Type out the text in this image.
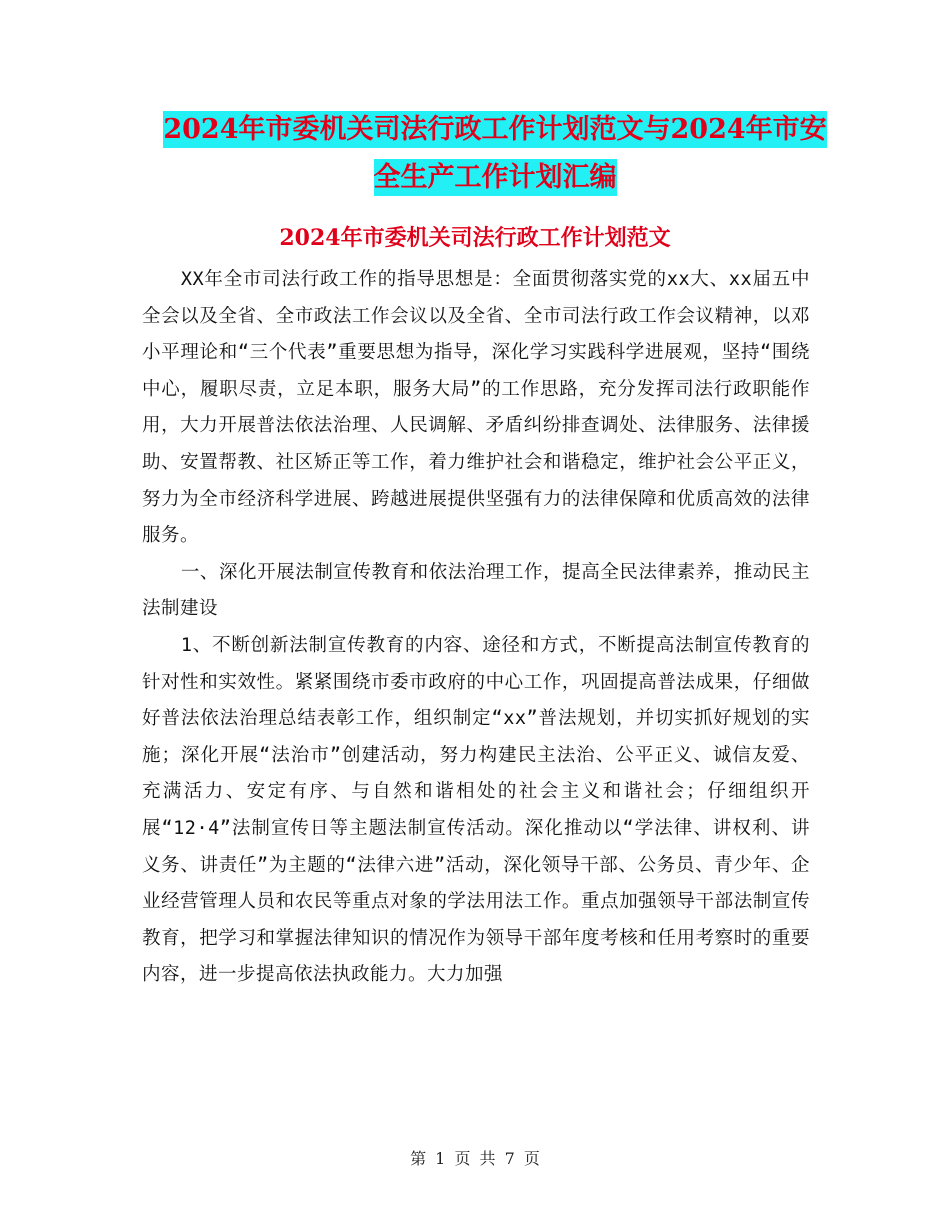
2024年市委机关司法行政工作计划范文与2024年市安全生产工作计划汇编
2024年市委机关司法行政工作计划范文

XX年全市司法行政工作的指导思想是：全面贯彻落实党的xx大、xx届五中全会以及全省、全市政法工作会议以及全省、全市司法行政工作会议精神，以邓小平理论和“三个代表”重要思想为指导，深化学习实践科学进展观，坚持“围绕中心，履职尽责，立足本职，服务大局”的工作思路，充分发挥司法行政职能作用，大力开展普法依法治理、人民调解、矛盾纠纷排查调处、法律服务、法律援助、安置帮教、社区矫正等工作，着力维护社会和谐稳定，维护社会公平正义，努力为全市经济科学进展、跨越进展提供坚强有力的法律保障和优质高效的法律服务。

一、深化开展法制宣传教育和依法治理工作，提高全民法律素养，推动民主法制建设

1、不断创新法制宣传教育的内容、途径和方式，不断提高法制宣传教育的针对性和实效性。紧紧围绕市委市政府的中心工作，巩固提高普法成果，仔细做好普法依法治理总结表彰工作，组织制定“xx”普法规划，并切实抓好规划的实施；深化开展“法治市”创建活动，努力构建民主法治、公平正义、诚信友爱、充满活力、安定有序、与自然和谐相处的社会主义和谐社会；仔细组织开展“12·4”法制宣传日等主题法制宣传活动。深化推动以“学法律、讲权利、讲义务、讲责任”为主题的“法律六进”活动，深化领导干部、公务员、青少年、企业经营管理人员和农民等重点对象的学法用法工作。重点加强领导干部法制宣传教育，把学习和掌握法律知识的情况作为领导干部年度考核和任用考察时的重要内容，进一步提高依法执政能力。大力加强

第 1 页 共 7 页
